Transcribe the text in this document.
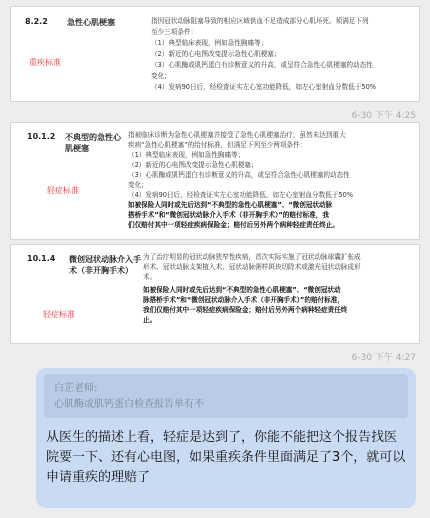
8.2.2 急性心肌梗塞
重疾标准

指因冠状动脉阻塞导致的相应区域供血不足造成部分心肌坏死。须满足下列

至少三项条件：

（1）典型临床表现，例如急性胸痛等；

（2）新近的心电图改变提示急性心肌梗塞；

（3）心肌酶或肌钙蛋白有诊断意义的升高，或呈符合急性心肌梗塞的动态性

变化；

（4）发病90日后，经检查证实左心室功能降低，如左心室射血分数低于50%

6-30 下午 4:25
10.1.2 不典型的急性心肌梗塞
轻症标准

指被临床诊断为急性心肌梗塞并接受了急性心肌梗塞治疗，虽然未达到重大

疾病“急性心肌梗塞”的给付标准，但满足下列至少两项条件：

（1）典型临床表现，例如急性胸痛等；

（2）新近的心电图改变提示急性心肌梗塞；

（3）心肌酶或肌钙蛋白有诊断意义的升高，或呈符合急性心肌梗塞的动态性

变化；

（4）发病90日后，经检查证实左心室功能降低，如左心室射血分数低于50%

如被保险人同时或先后达到“不典型的急性心肌梗塞”、“微创冠状动脉

搭桥手术”和“微创冠状动脉介入手术（非开胸手术）”的赔付标准，我

们仅赔付其中一项轻症疾病保险金；赔付后另外两个病种轻症责任终止。

10.1.4 微创冠状动脉介入手术（非开胸手术）
轻症标准

为了治疗明显的冠状动脉狭窄性疾病，首次实际实施了冠状动脉球囊扩张成

形术、冠状动脉支架植入术、冠状动脉粥样斑块切除术或激光冠状动脉成形

术。

如被保险人同时或先后达到“不典型的急性心肌梗塞”、“微创冠状动

脉搭桥手术”和“微创冠状动脉介入手术（非开胸手术）”的赔付标准，

我们仅赔付其中一项轻症疾病保险金；赔付后另外两个病种轻症责任终

止。

6-30 下午 4:27
白芷老师:
心肌酶或肌钙蛋白检查报告单有不
从医生的描述上看，轻症是达到了，你能不能把这个报告找医院要一下、还有心电图，如果重疾条件里面满足了3个，就可以申请重疾的理赔了
